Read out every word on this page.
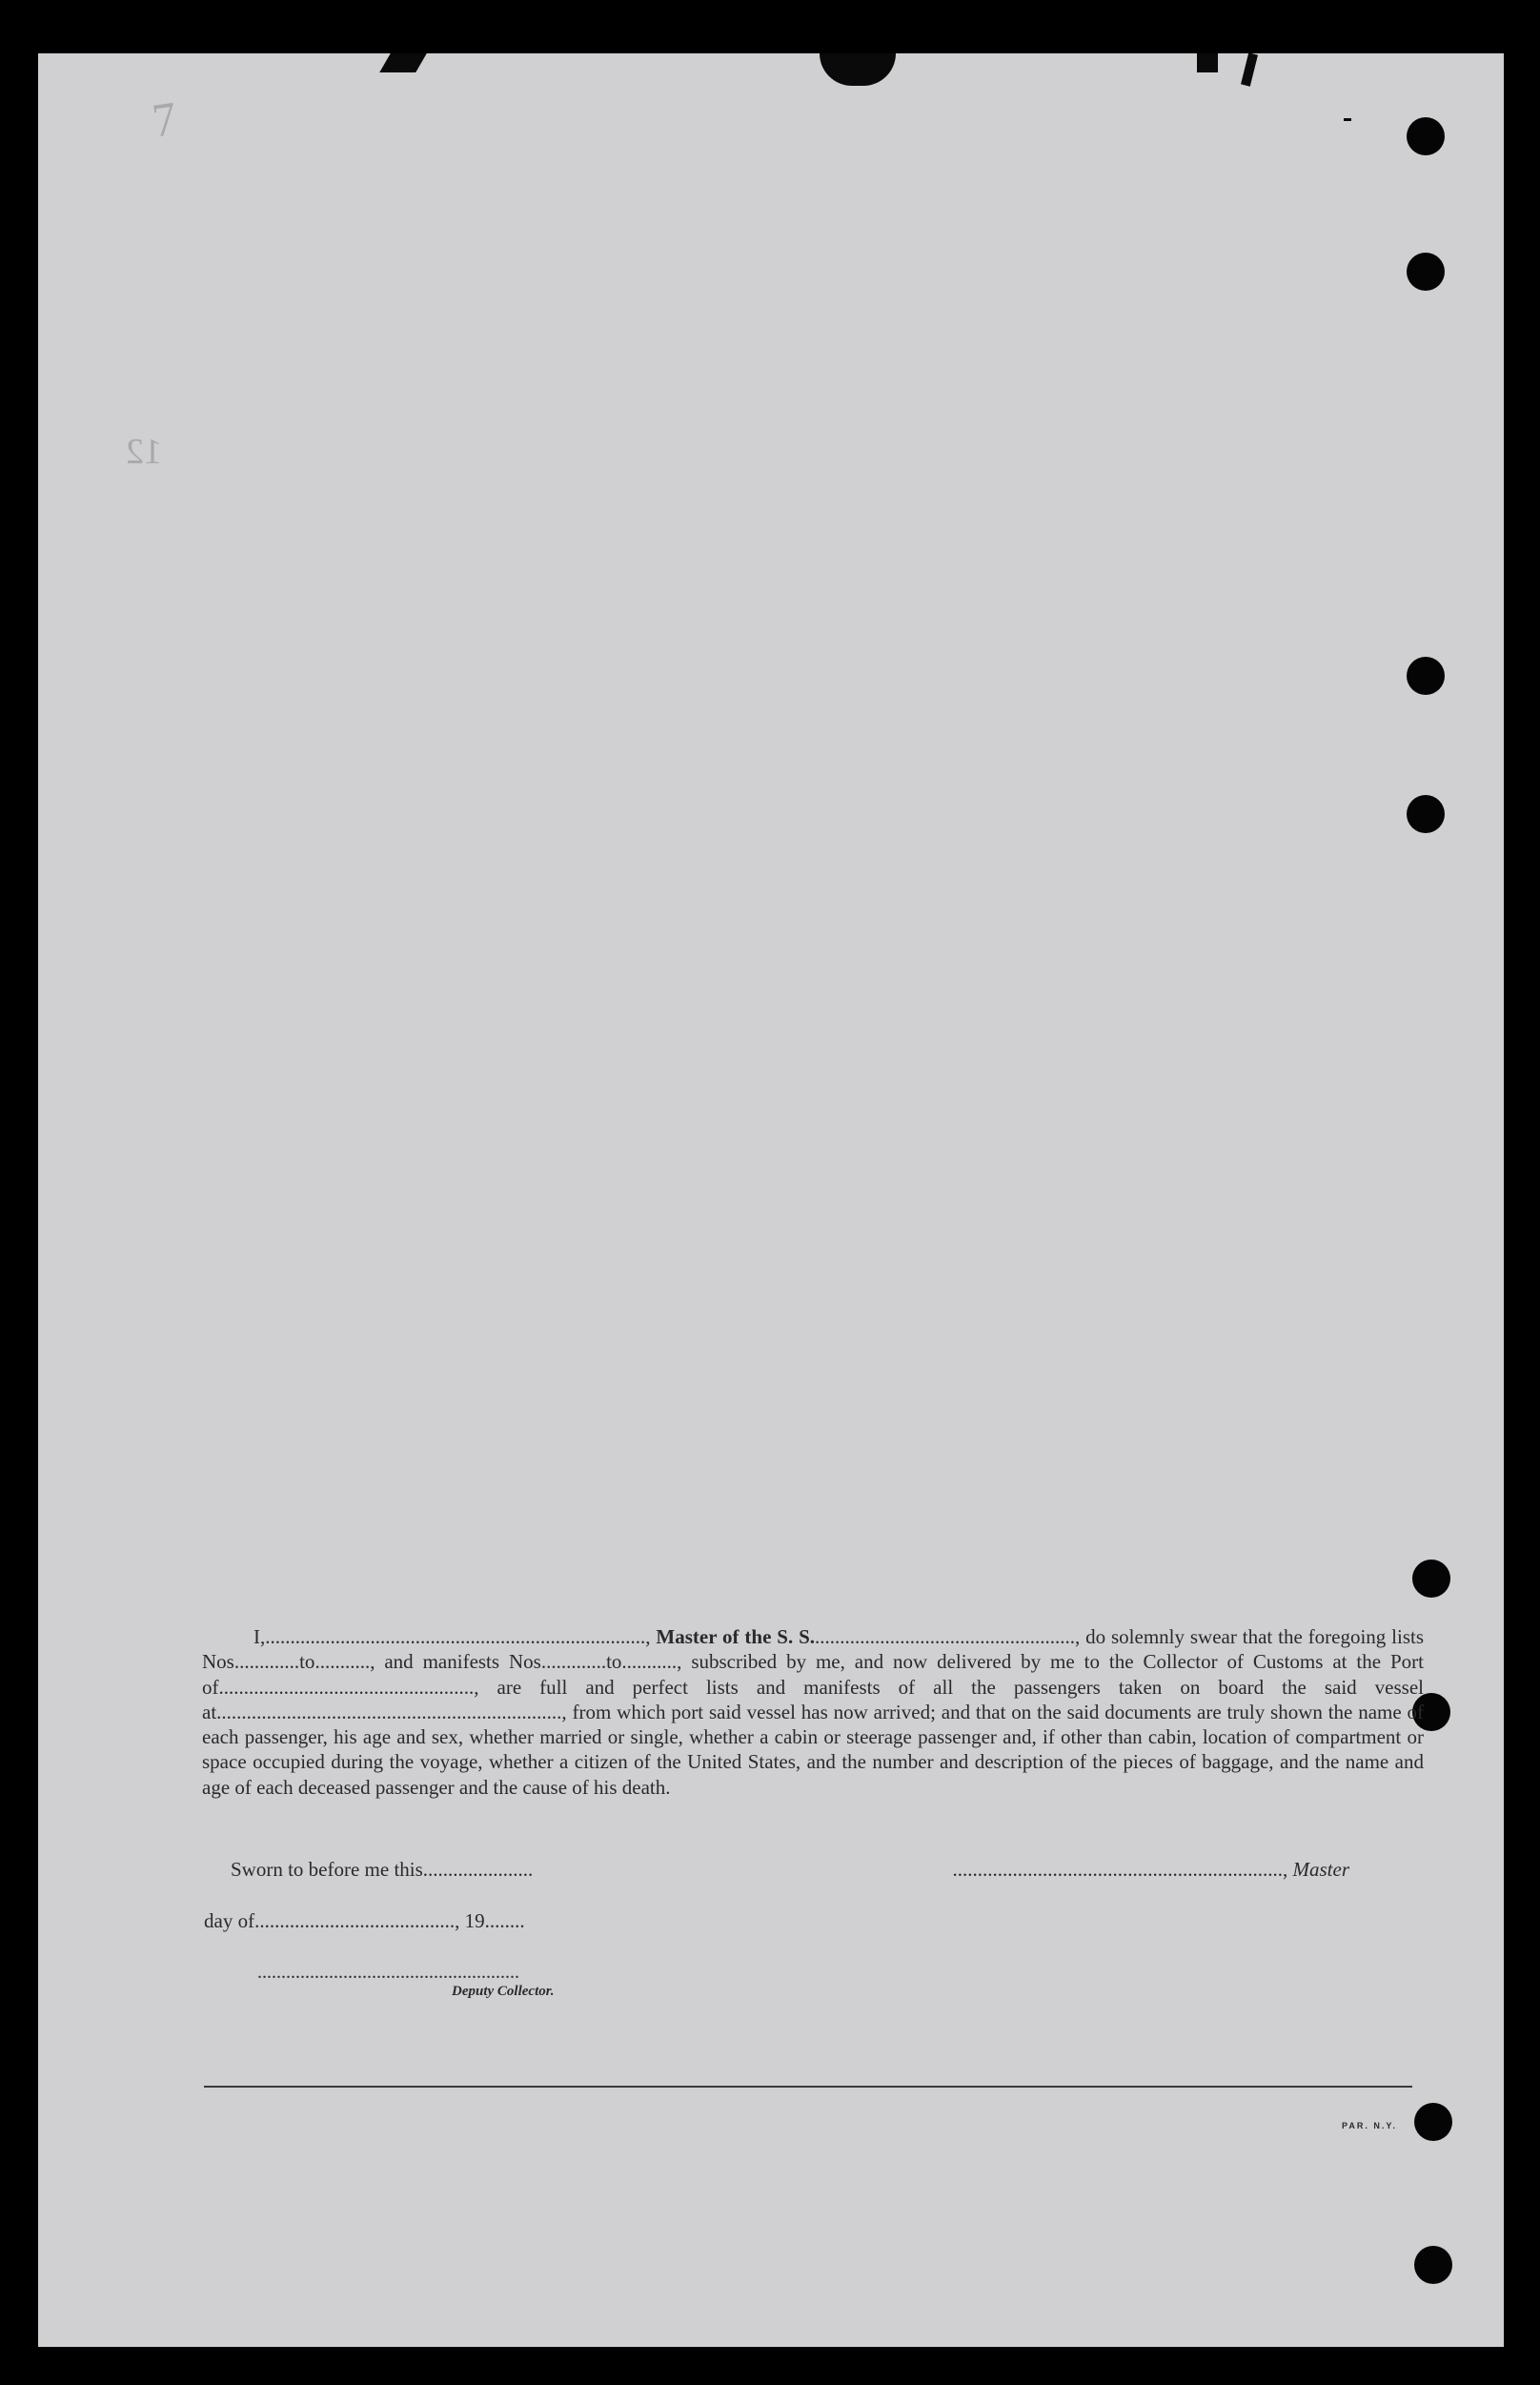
7
12
I,............................................................................, Master of the S. S....................................................., do solemnly swear that the foregoing lists Nos.............to..........., and manifests Nos.............to..........., subscribed by me, and now delivered by me to the Collector of Customs at the Port of..................................................., are full and perfect lists and manifests of all the passengers taken on board the said vessel at....................................................................., from which port said vessel has now arrived; and that on the said documents are truly shown the name of each passenger, his age and sex, whether married or single, whether a cabin or steerage passenger and, if other than cabin, location of compartment or space occupied during the voyage, whether a citizen of the United States, and the number and description of the pieces of baggage, and the name and age of each deceased passenger and the cause of his death.
Sworn to before me this......................	.................................................................., Master
day of........................................, 19........
.......................................................
Deputy Collector.
PAR. N.Y.
